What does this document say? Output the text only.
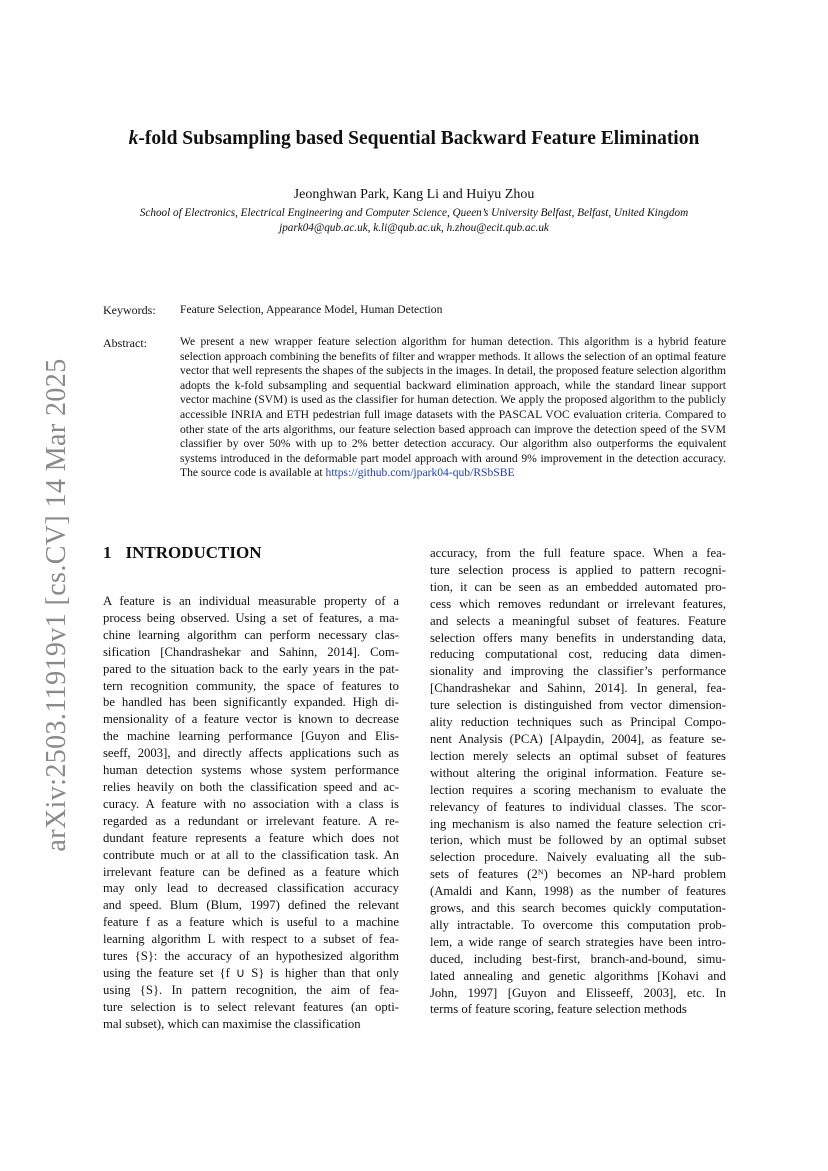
arXiv:2503.11919v1 [cs.CV] 14 Mar 2025
k-fold Subsampling based Sequential Backward Feature Elimination
Jeonghwan Park, Kang Li and Huiyu Zhou
School of Electronics, Electrical Engineering and Computer Science, Queen’s University Belfast, Belfast, United Kingdom
jpark04@qub.ac.uk, k.li@qub.ac.uk, h.zhou@ecit.qub.ac.uk
Keywords: Feature Selection, Appearance Model, Human Detection
Abstract:	We present a new wrapper feature selection algorithm for human detection. This algorithm is a hybrid feature selection approach combining the benefits of filter and wrapper methods. It allows the selection of an optimal feature vector that well represents the shapes of the subjects in the images. In detail, the proposed feature selection algorithm adopts the k-fold subsampling and sequential backward elimination approach, while the standard linear support vector machine (SVM) is used as the classifier for human detection. We apply the proposed algorithm to the publicly accessible INRIA and ETH pedestrian full image datasets with the PASCAL VOC evaluation criteria. Compared to other state of the arts algorithms, our feature selection based approach can improve the detection speed of the SVM classifier by over 50% with up to 2% better detection accuracy. Our algorithm also outperforms the equivalent systems introduced in the deformable part model approach with around 9% improvement in the detection accuracy. The source code is available at https://github.com/jpark04-qub/RSbSBE
1 INTRODUCTION
A feature is an individual measurable property of a
process being observed. Using a set of features, a ma-
chine learning algorithm can perform necessary clas-
sification [Chandrashekar and Sahinn, 2014]. Com-
pared to the situation back to the early years in the pat-
tern recognition community, the space of features to
be handled has been significantly expanded. High di-
mensionality of a feature vector is known to decrease
the machine learning performance [Guyon and Elis-
seeff, 2003], and directly affects applications such as
human detection systems whose system performance
relies heavily on both the classification speed and ac-
curacy. A feature with no association with a class is
regarded as a redundant or irrelevant feature. A re-
dundant feature represents a feature which does not
contribute much or at all to the classification task. An
irrelevant feature can be defined as a feature which
may only lead to decreased classification accuracy
and speed. Blum (Blum, 1997) defined the relevant
feature f as a feature which is useful to a machine
learning algorithm L with respect to a subset of fea-
tures {S}: the accuracy of an hypothesized algorithm
using the feature set {f ∪ S} is higher than that only
using {S}. In pattern recognition, the aim of fea-
ture selection is to select relevant features (an opti-
mal subset), which can maximise the classification
accuracy, from the full feature space. When a fea-
ture selection process is applied to pattern recogni-
tion, it can be seen as an embedded automated pro-
cess which removes redundant or irrelevant features,
and selects a meaningful subset of features. Feature
selection offers many benefits in understanding data,
reducing computational cost, reducing data dimen-
sionality and improving the classifier’s performance
[Chandrashekar and Sahinn, 2014]. In general, fea-
ture selection is distinguished from vector dimension-
ality reduction techniques such as Principal Compo-
nent Analysis (PCA) [Alpaydin, 2004], as feature se-
lection merely selects an optimal subset of features
without altering the original information. Feature se-
lection requires a scoring mechanism to evaluate the
relevancy of features to individual classes. The scor-
ing mechanism is also named the feature selection cri-
terion, which must be followed by an optimal subset
selection procedure. Naively evaluating all the sub-
sets of features (2ᴺ) becomes an NP-hard problem
(Amaldi and Kann, 1998) as the number of features
grows, and this search becomes quickly computation-
ally intractable. To overcome this computation prob-
lem, a wide range of search strategies have been intro-
duced, including best-first, branch-and-bound, simu-
lated annealing and genetic algorithms [Kohavi and
John, 1997] [Guyon and Elisseeff, 2003], etc. In
terms of feature scoring, feature selection methods
